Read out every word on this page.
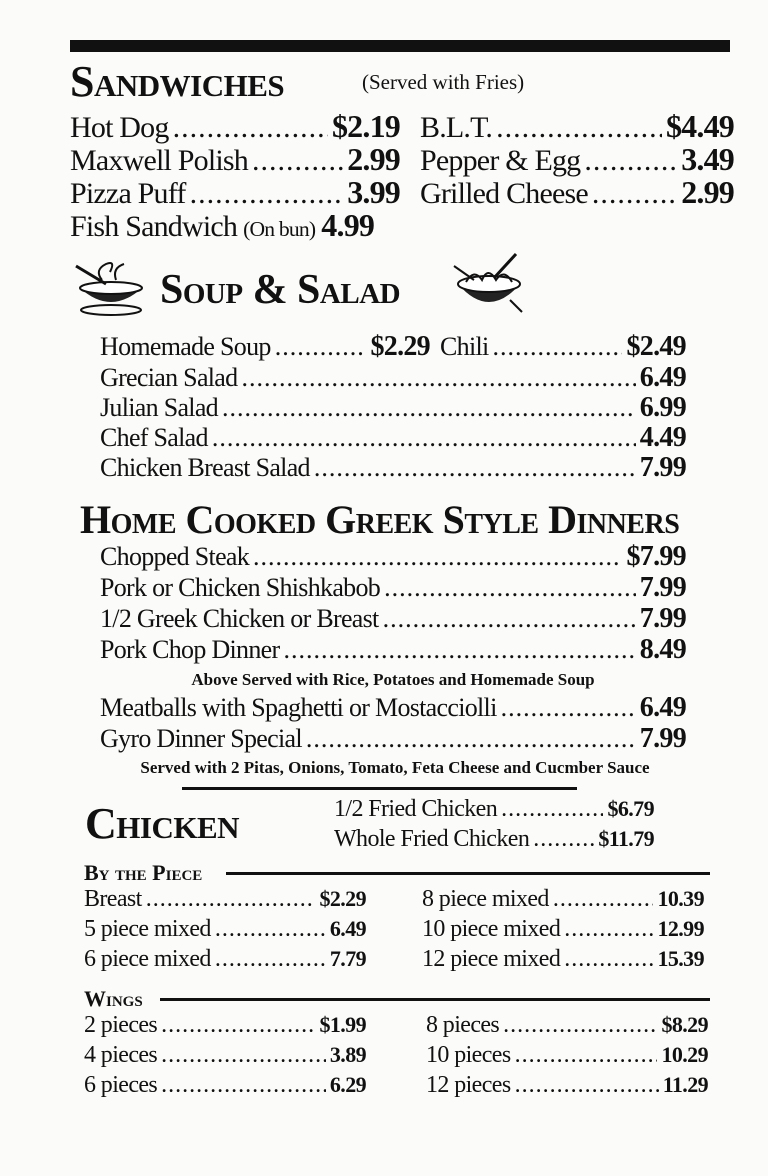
Sandwiches	(Served with Fries)
Hot Dog .....	$2.19
Maxwell Polish .....	2.99
Pizza Puff .....	3.99
Fish Sandwich (On bun) 4.99
B.L.T. .....	$4.49
Pepper & Egg .....	3.49
Grilled Cheese .....	2.99
Soup & Salad
Homemade Soup .....	$2.29 Chili .....	$2.49
Grecian Salad .....	6.49
Julian Salad .....	6.99
Chef Salad .....	4.49
Chicken Breast Salad .....	7.99
Home Cooked Greek Style Dinners
Chopped Steak .....	$7.99
Pork or Chicken Shishkabob .....	7.99
1/2 Greek Chicken or Breast .....	7.99
Pork Chop Dinner .....	8.49
Above Served with Rice, Potatoes and Homemade Soup
Meatballs with Spaghetti or Mostacciolli .....	6.49
Gyro Dinner Special .....	7.99
Served with 2 Pitas, Onions, Tomato, Feta Cheese and Cucmber Sauce
Chicken	1/2 Fried Chicken .....	$6.79
Whole Fried Chicken .....	$11.79
By the Piece
Breast .....	$2.29
5 piece mixed .....	6.49
6 piece mixed .....	7.79
8 piece mixed .....	10.39
10 piece mixed .....	12.99
12 piece mixed .....	15.39
Wings
2 pieces .....	$1.99
4 pieces .....	3.89
6 pieces .....	6.29
8 pieces .....	$8.29
10 pieces .....	10.29
12 pieces .....	11.29
